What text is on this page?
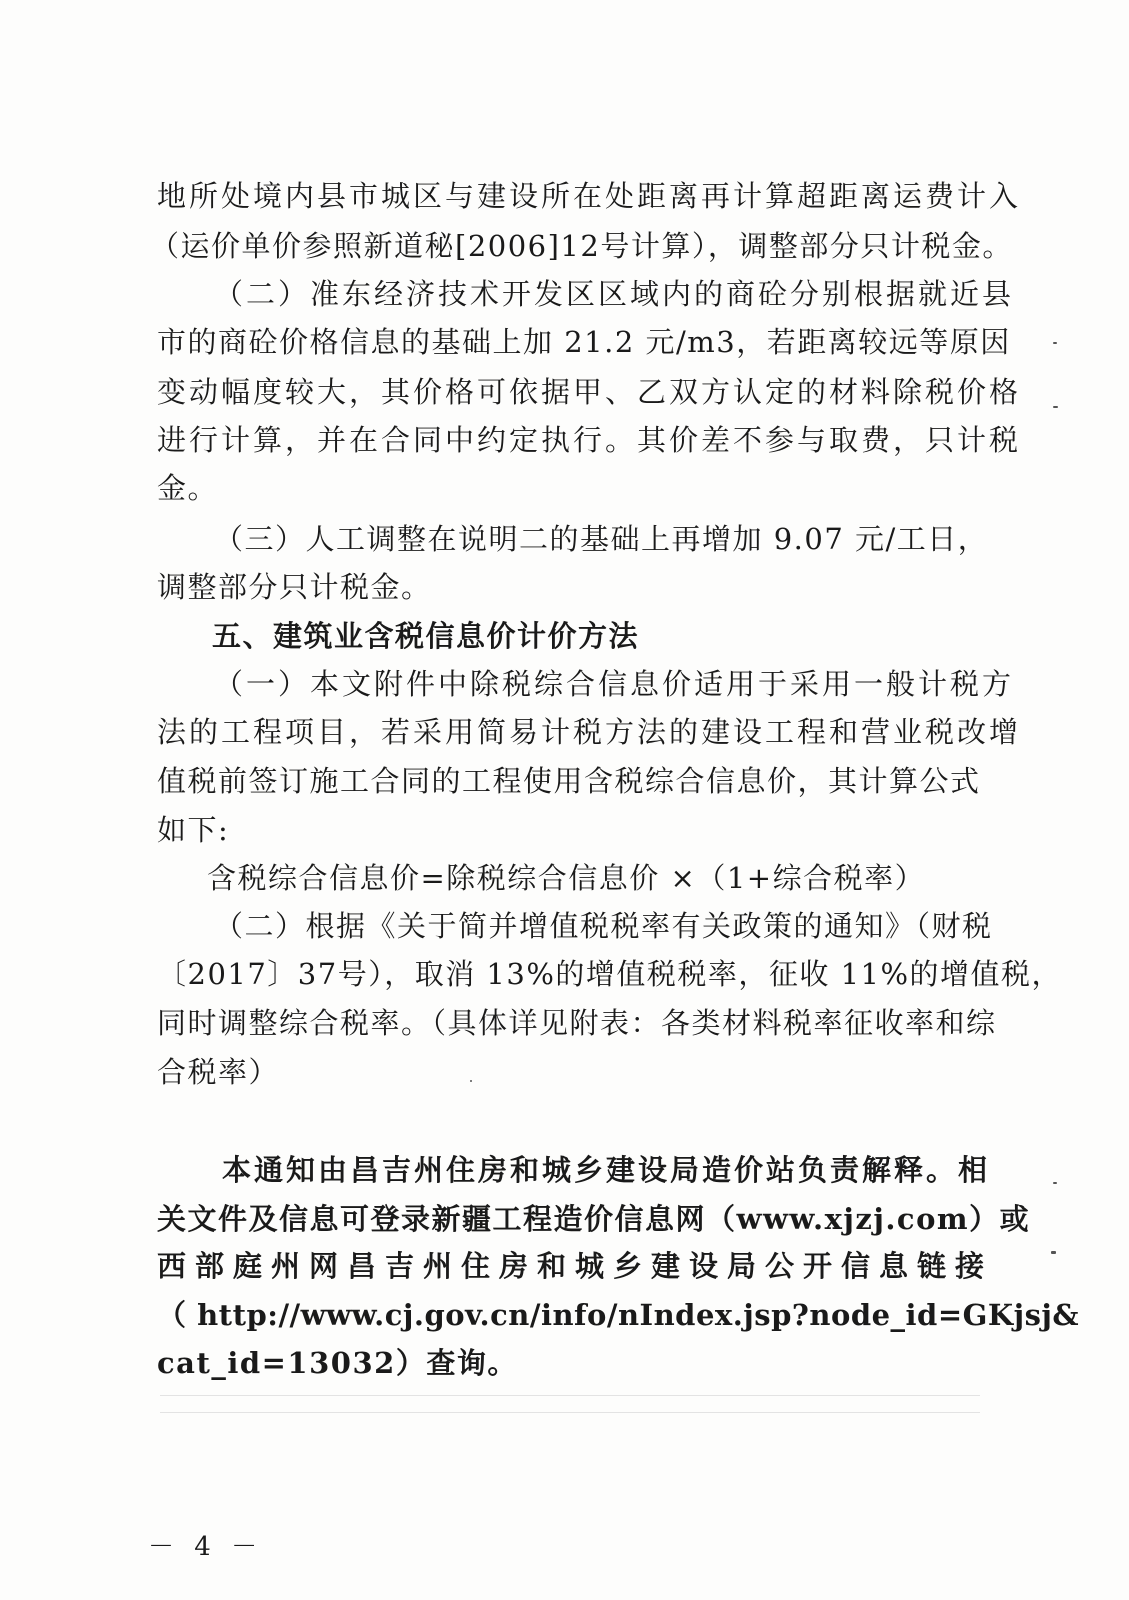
地所处境内县市城区与建设所在处距离再计算超距离运费计入
（运价单价参照新道秘[2006]12号计算），调整部分只计税金。
（二）准东经济技术开发区区域内的商砼分别根据就近县
市的商砼价格信息的基础上加 21.2 元/m3，若距离较远等原因
变动幅度较大，其价格可依据甲、乙双方认定的材料除税价格
进行计算，并在合同中约定执行。其价差不参与取费，只计税
金。
（三）人工调整在说明二的基础上再增加 9.07 元/工日，
调整部分只计税金。
五、建筑业含税信息价计价方法
（一）本文附件中除税综合信息价适用于采用一般计税方
法的工程项目，若采用简易计税方法的建设工程和营业税改增
值税前签订施工合同的工程使用含税综合信息价，其计算公式
如下:
含税综合信息价=除税综合信息价 ×（1+综合税率）
（二）根据《关于简并增值税税率有关政策的通知》（财税
〔2017〕37号），取消 13%的增值税税率，征收 11%的增值税，
同时调整综合税率。（具体详见附表：各类材料税率征收率和综
合税率）
本通知由昌吉州住房和城乡建设局造价站负责解释。相
关文件及信息可登录新疆工程造价信息网（www.xjzj.com）或
西部庭州网昌吉州住房和城乡建设局公开信息链接
（ http://www.cj.gov.cn/info/nIndex.jsp?node_id=GKjsj&
cat_id=13032）查询。
－ 4 －
